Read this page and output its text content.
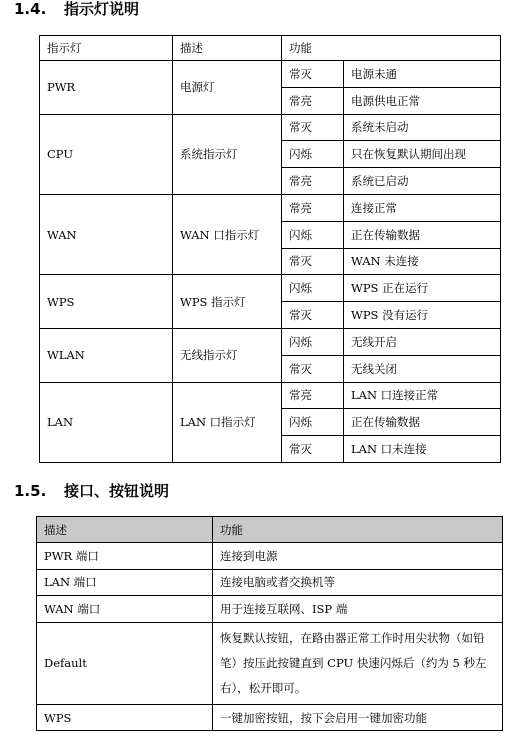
1.4. 指示灯说明
指示灯	描述	功能	
PWR	电源灯	常灭	电源未通
		常亮	电源供电正常
CPU	系统指示灯	常灭	系统未启动
		闪烁	只在恢复默认期间出现
		常亮	系统已启动
WAN	WAN 口指示灯	常亮	连接正常
		闪烁	正在传输数据
		常灭	WAN 未连接
WPS	WPS 指示灯	闪烁	WPS 正在运行
		常灭	WPS 没有运行
WLAN	无线指示灯	闪烁	无线开启
		常灭	无线关闭
LAN	LAN 口指示灯	常亮	LAN 口连接正常
		闪烁	正在传输数据
		常灭	LAN 口未连接
1.5. 接口、按钮说明
描述	功能
PWR 端口	连接到电源
LAN 端口	连接电脑或者交换机等
WAN 端口	用于连接互联网、ISP 端
Default	恢复默认按钮，在路由器正常工作时用尖状物（如铅笔）按压此按键直到 CPU 快速闪烁后（约为 5 秒左右），松开即可。
WPS	一键加密按钮，按下会启用一键加密功能
